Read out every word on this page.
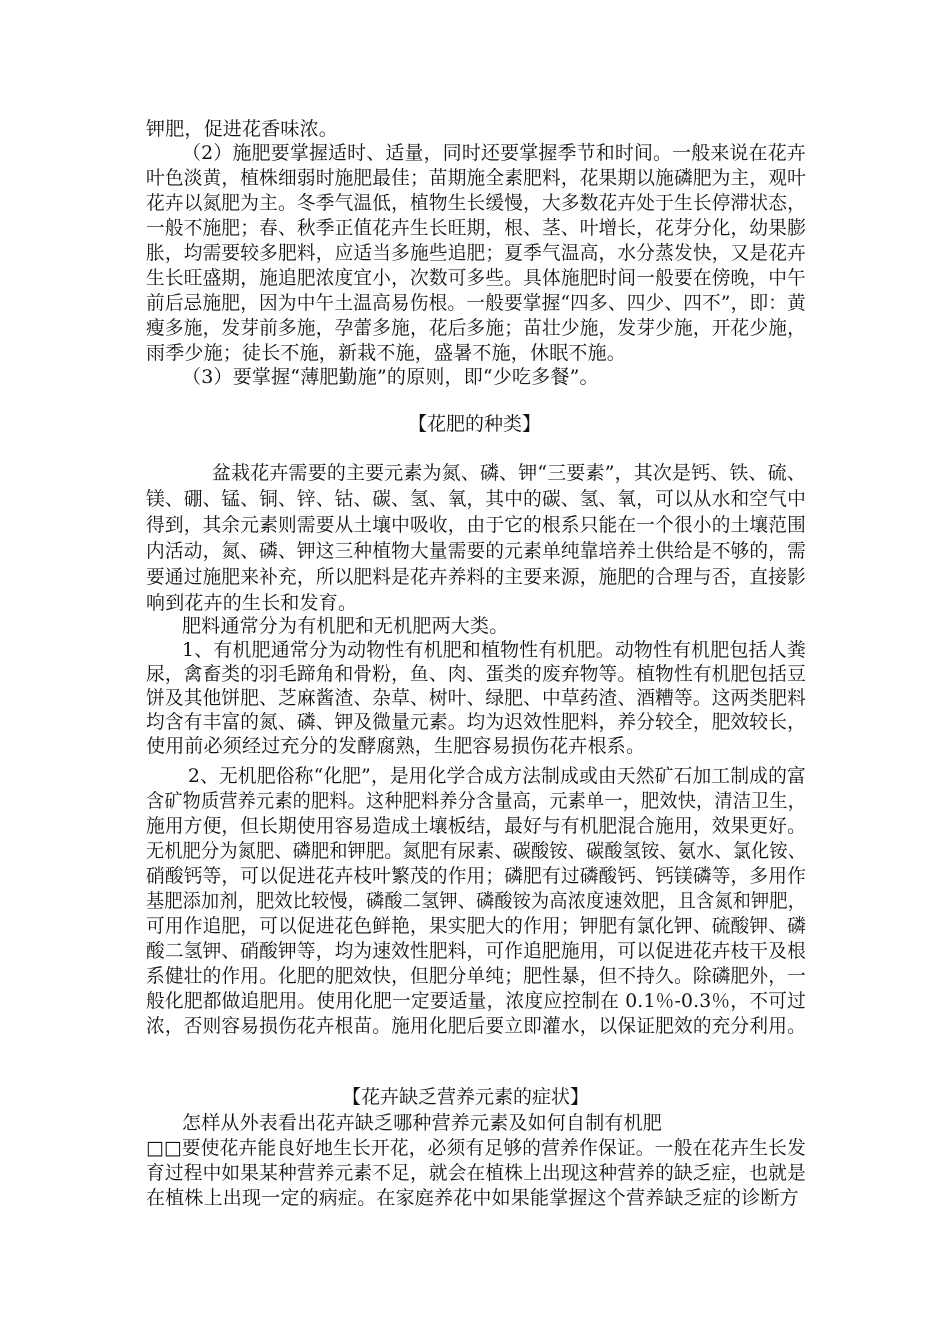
钾肥，促进花香味浓。
（2）施肥要掌握适时、适量，同时还要掌握季节和时间。一般来说在花卉
叶色淡黄，植株细弱时施肥最佳；苗期施全素肥料，花果期以施磷肥为主，观叶
花卉以氮肥为主。冬季气温低，植物生长缓慢，大多数花卉处于生长停滞状态，
一般不施肥；春、秋季正值花卉生长旺期，根、茎、叶增长，花芽分化，幼果膨
胀，均需要较多肥料，应适当多施些追肥；夏季气温高，水分蒸发快，又是花卉
生长旺盛期，施追肥浓度宜小，次数可多些。具体施肥时间一般要在傍晚，中午
前后忌施肥，因为中午土温高易伤根。一般要掌握“四多、四少、四不”，即：黄
瘦多施，发芽前多施，孕蕾多施，花后多施；苗壮少施，发芽少施，开花少施，
雨季少施；徒长不施，新栽不施，盛暑不施，休眠不施。
（3）要掌握“薄肥勤施”的原则，即“少吃多餐”。
【花肥的种类】
盆栽花卉需要的主要元素为氮、磷、钾“三要素”，其次是钙、铁、硫、
镁、硼、锰、铜、锌、钴、碳、氢、氧，其中的碳、氢、氧，可以从水和空气中
得到，其余元素则需要从土壤中吸收，由于它的根系只能在一个很小的土壤范围
内活动，氮、磷、钾这三种植物大量需要的元素单纯靠培养土供给是不够的，需
要通过施肥来补充，所以肥料是花卉养料的主要来源，施肥的合理与否，直接影
响到花卉的生长和发育。
肥料通常分为有机肥和无机肥两大类。
1、有机肥通常分为动物性有机肥和植物性有机肥。动物性有机肥包括人粪
尿，禽畜类的羽毛蹄角和骨粉，鱼、肉、蛋类的废弃物等。植物性有机肥包括豆
饼及其他饼肥、芝麻酱渣、杂草、树叶、绿肥、中草药渣、酒糟等。这两类肥料
均含有丰富的氮、磷、钾及微量元素。均为迟效性肥料，养分较全，肥效较长，
使用前必须经过充分的发酵腐熟，生肥容易损伤花卉根系。
2、无机肥俗称“化肥”，是用化学合成方法制成或由天然矿石加工制成的富
含矿物质营养元素的肥料。这种肥料养分含量高，元素单一，肥效快，清洁卫生，
施用方便，但长期使用容易造成土壤板结，最好与有机肥混合施用，效果更好。
无机肥分为氮肥、磷肥和钾肥。氮肥有尿素、碳酸铵、碳酸氢铵、氨水、氯化铵、
硝酸钙等，可以促进花卉枝叶繁茂的作用；磷肥有过磷酸钙、钙镁磷等，多用作
基肥添加剂，肥效比较慢，磷酸二氢钾、磷酸铵为高浓度速效肥，且含氮和钾肥，
可用作追肥，可以促进花色鲜艳，果实肥大的作用；钾肥有氯化钾、硫酸钾、磷
酸二氢钾、硝酸钾等，均为速效性肥料，可作追肥施用，可以促进花卉枝干及根
系健壮的作用。化肥的肥效快，但肥分单纯；肥性暴，但不持久。除磷肥外，一
般化肥都做追肥用。使用化肥一定要适量，浓度应控制在 0.1％-0.3％，不可过
浓，否则容易损伤花卉根苗。施用化肥后要立即灌水，以保证肥效的充分利用。
【花卉缺乏营养元素的症状】
怎样从外表看出花卉缺乏哪种营养元素及如何自制有机肥
□□要使花卉能良好地生长开花，必须有足够的营养作保证。一般在花卉生长发
育过程中如果某种营养元素不足，就会在植株上出现这种营养的缺乏症，也就是
在植株上出现一定的病症。在家庭养花中如果能掌握这个营养缺乏症的诊断方
